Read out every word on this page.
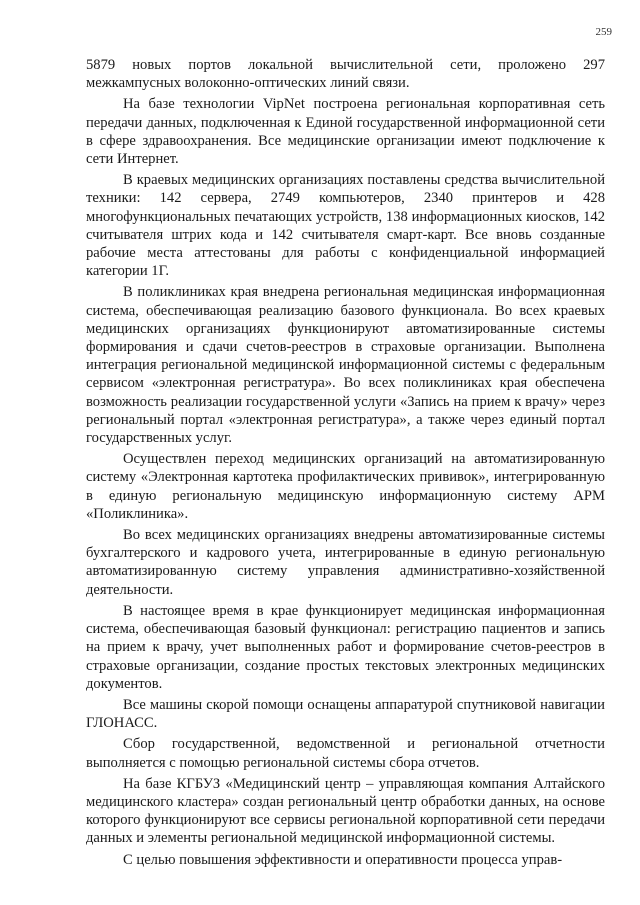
259

5879 новых портов локальной вычислительной сети, проложено 297 межкампусных волоконно-оптических линий связи.

На базе технологии VipNet построена региональная корпоративная сеть передачи данных, подключенная к Единой государственной информационной сети в сфере здравоохранения. Все медицинские организации имеют подключение к сети Интернет.

В краевых медицинских организациях поставлены средства вычислительной техники: 142 сервера, 2749 компьютеров, 2340 принтеров и 428 многофункциональных печатающих устройств, 138 информационных киосков, 142 считывателя штрих кода и 142 считывателя смарт-карт. Все вновь созданные рабочие места аттестованы для работы с конфиденциальной информацией категории 1Г.

В поликлиниках края внедрена региональная медицинская информационная система, обеспечивающая реализацию базового функционала. Во всех краевых медицинских организациях функционируют автоматизированные системы формирования и сдачи счетов-реестров в страховые организации. Выполнена интеграция региональной медицинской информационной системы с федеральным сервисом «электронная регистратура». Во всех поликлиниках края обеспечена возможность реализации государственной услуги «Запись на прием к врачу» через региональный портал «электронная регистратура», а также через единый портал государственных услуг.

Осуществлен переход медицинских организаций на автоматизированную систему «Электронная картотека профилактических прививок», интегрированную в единую региональную медицинскую информационную систему АРМ «Поликлиника».

Во всех медицинских организациях внедрены автоматизированные системы бухгалтерского и кадрового учета, интегрированные в единую региональную автоматизированную систему управления административно-хозяйственной деятельности.

В настоящее время в крае функционирует медицинская информационная система, обеспечивающая базовый функционал: регистрацию пациентов и запись на прием к врачу, учет выполненных работ и формирование счетов-реестров в страховые организации, создание простых текстовых электронных медицинских документов.

Все машины скорой помощи оснащены аппаратурой спутниковой навигации ГЛОНАСС.

Сбор государственной, ведомственной и региональной отчетности выполняется с помощью региональной системы сбора отчетов.

На базе КГБУЗ «Медицинский центр – управляющая компания Алтайского медицинского кластера» создан региональный центр обработки данных, на основе которого функционируют все сервисы региональной корпоративной сети передачи данных и элементы региональной медицинской информационной системы.

С целью повышения эффективности и оперативности процесса управ-
